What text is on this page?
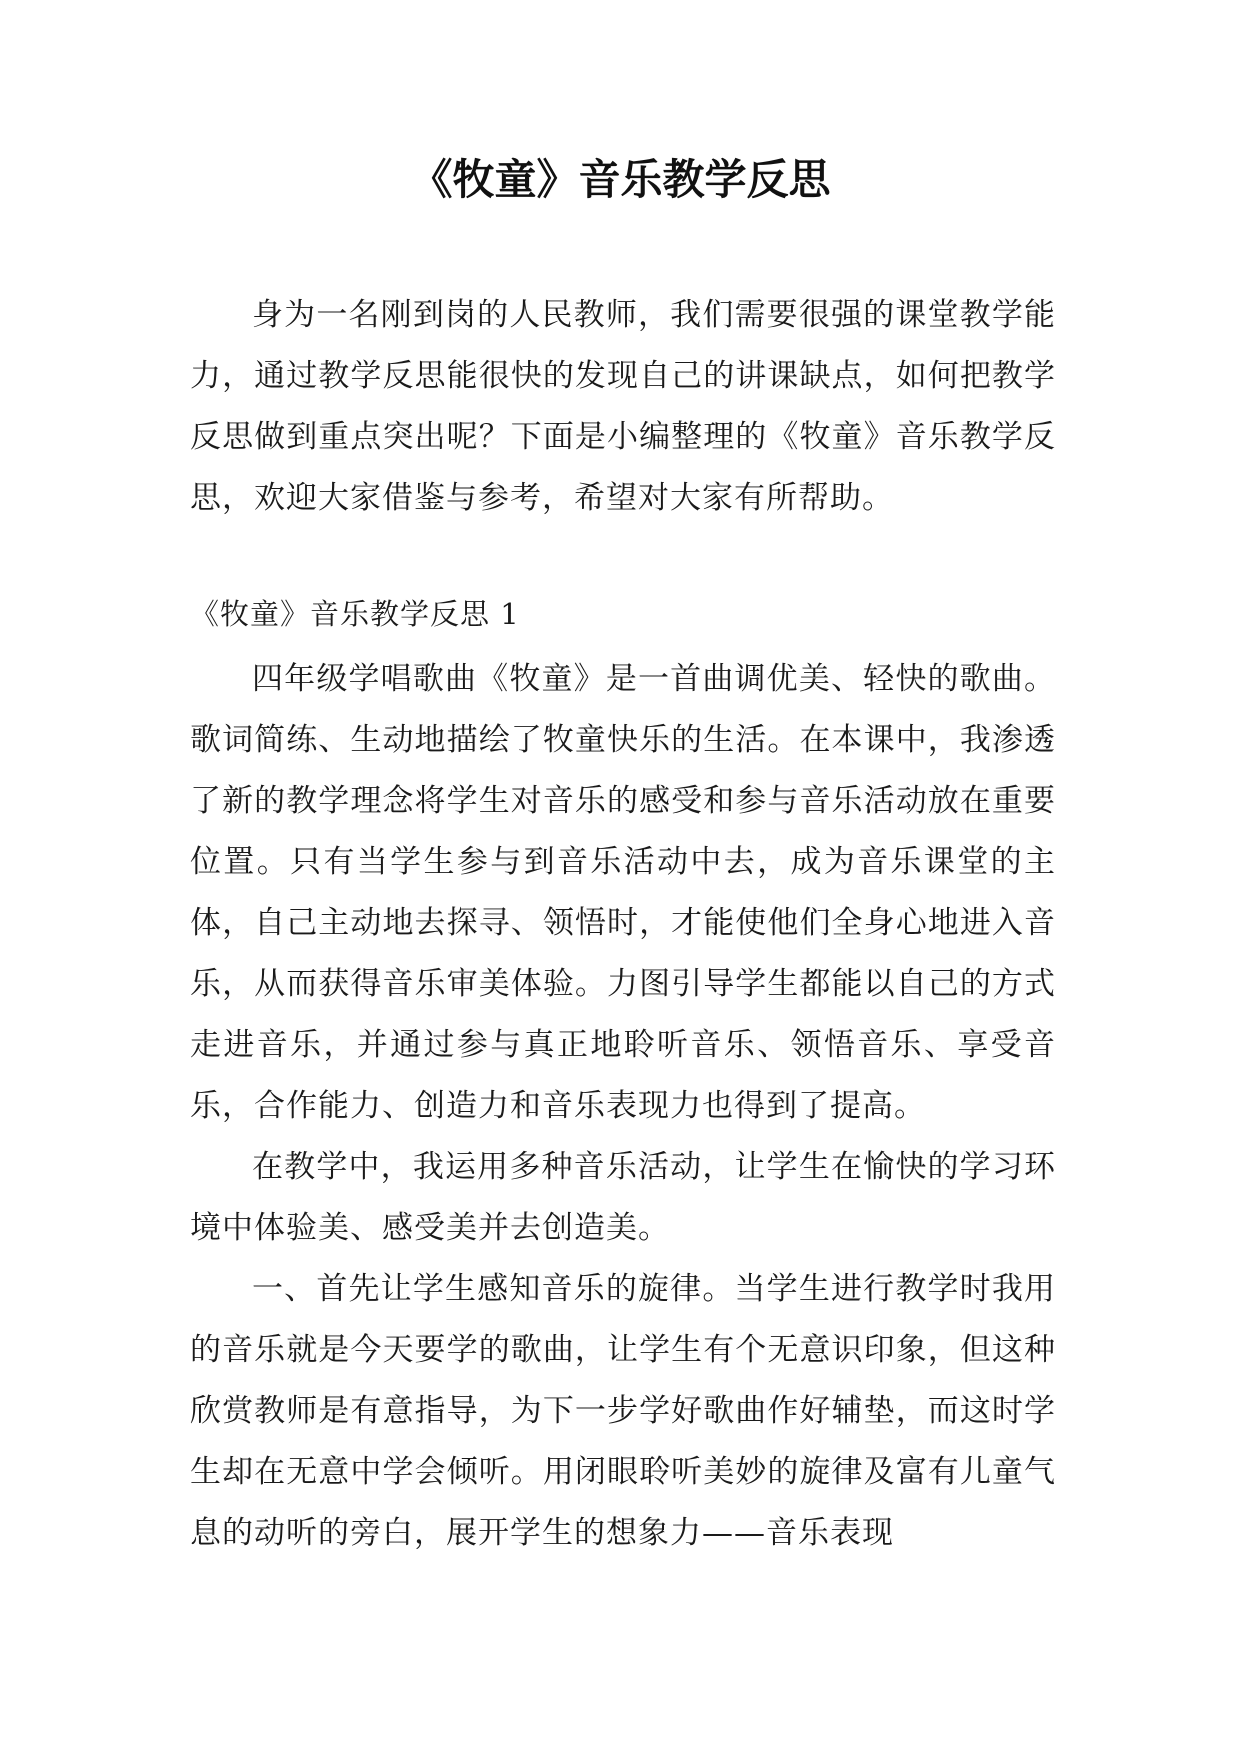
《牧童》音乐教学反思

身为一名刚到岗的人民教师，我们需要很强的课堂教学能力，通过教学反思能很快的发现自己的讲课缺点，如何把教学反思做到重点突出呢？下面是小编整理的《牧童》音乐教学反思，欢迎大家借鉴与参考，希望对大家有所帮助。

《牧童》音乐教学反思 1

四年级学唱歌曲《牧童》是一首曲调优美、轻快的歌曲。歌词简练、生动地描绘了牧童快乐的生活。在本课中，我渗透了新的教学理念将学生对音乐的感受和参与音乐活动放在重要位置。只有当学生参与到音乐活动中去，成为音乐课堂的主体，自己主动地去探寻、领悟时，才能使他们全身心地进入音乐，从而获得音乐审美体验。力图引导学生都能以自己的方式走进音乐，并通过参与真正地聆听音乐、领悟音乐、享受音乐，合作能力、创造力和音乐表现力也得到了提高。

在教学中，我运用多种音乐活动，让学生在愉快的学习环境中体验美、感受美并去创造美。

一、首先让学生感知音乐的旋律。当学生进行教学时我用的音乐就是今天要学的歌曲，让学生有个无意识印象，但这种欣赏教师是有意指导，为下一步学好歌曲作好辅垫，而这时学生却在无意中学会倾听。用闭眼聆听美妙的旋律及富有儿童气息的动听的旁白，展开学生的想象力——音乐表现
